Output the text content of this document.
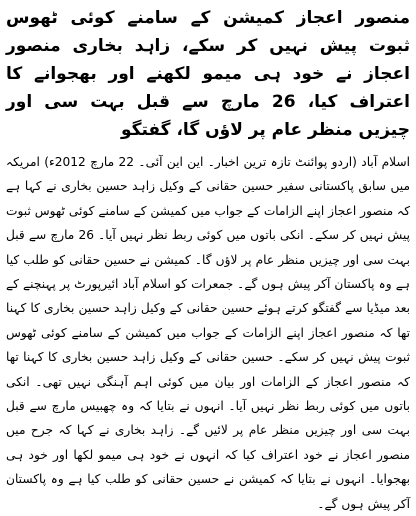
منصور اعجاز کمیشن کے سامنے کوئی ٹھوس ثبوت پیش نہیں کر سکے، زاہد بخاری منصور اعجاز نے خود ہی میمو لکھنے اور بھجوانے کا اعتراف کیا، 26 مارچ سے قبل بہت سی اور چیزیں منظر عام پر لاؤں گا، گفتگو

اسلام آباد (اردو پوائنٹ تازہ ترین اخبار۔ این این آئی۔ 22 مارچ 2012ء) امریکہ میں سابق پاکستانی سفیر حسین حقانی کے وکیل زاہد حسین بخاری نے کہا ہے کہ منصور اعجاز اپنے الزامات کے جواب میں کمیشن کے سامنے کوئی ٹھوس ثبوت پیش نہیں کر سکے۔ انکی باتوں میں کوئی ربط نظر نہیں آیا۔ 26 مارچ سے قبل بہت سی اور چیزیں منظر عام پر لاؤں گا۔ کمیشن نے حسین حقانی کو طلب کیا ہے وہ پاکستان آکر پیش ہوں گے۔ جمعرات کو اسلام آباد ائیرپورٹ پر پہنچنے کے بعد میڈیا سے گفتگو کرتے ہوئے حسین حقانی کے وکیل زاہد حسین بخاری کا کہنا تھا کہ منصور اعجاز اپنے الزامات کے جواب میں کمیشن کے سامنے کوئی ٹھوس ثبوت پیش نہیں کر سکے۔ حسین حقانی کے وکیل زاہد حسین بخاری کا کہنا تھا کہ منصور اعجاز کے الزامات اور بیان میں کوئی اہم آہنگی نہیں تھی۔ انکی باتوں میں کوئی ربط نظر نہیں آیا۔ انہوں نے بتایا کہ وہ چھبیس مارچ سے قبل بہت سی اور چیزیں منظر عام پر لائیں گے۔ زاہد بخاری نے کہا کہ جرح میں منصور اعجاز نے خود اعتراف کیا کہ انہوں نے خود ہی میمو لکھا اور خود ہی بھجوایا۔ انہوں نے بتایا کہ کمیشن نے حسین حقانی کو طلب کیا ہے وہ پاکستان آکر پیش ہوں گے۔
